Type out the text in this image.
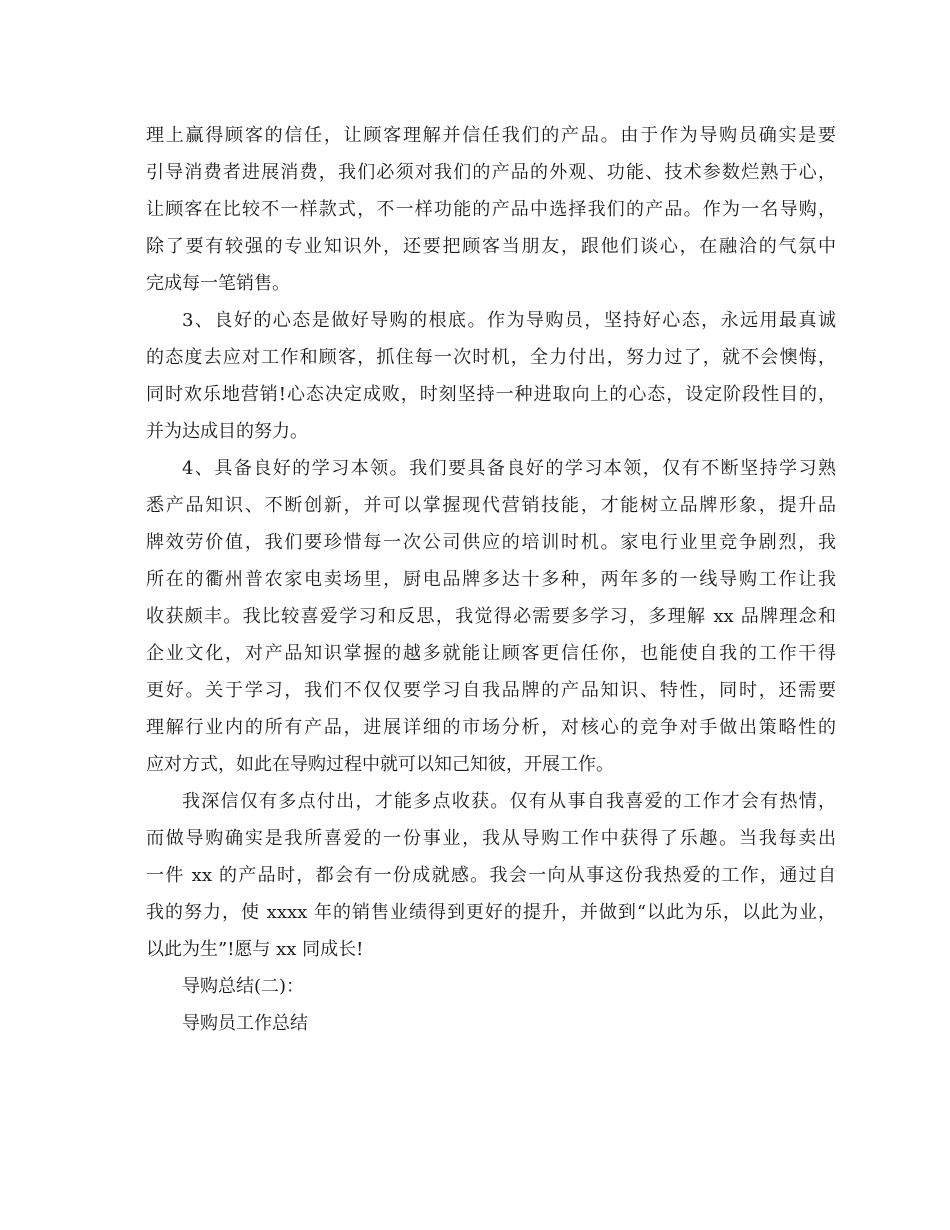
理上赢得顾客的信任，让顾客理解并信任我们的产品。由于作为导购员确实是要
引导消费者进展消费，我们必须对我们的产品的外观、功能、技术参数烂熟于心，
让顾客在比较不一样款式，不一样功能的产品中选择我们的产品。作为一名导购，
除了要有较强的专业知识外，还要把顾客当朋友，跟他们谈心，在融洽的气氛中
完成每一笔销售。
3、良好的心态是做好导购的根底。作为导购员，坚持好心态，永远用最真诚
的态度去应对工作和顾客，抓住每一次时机，全力付出，努力过了，就不会懊悔，
同时欢乐地营销!心态决定成败，时刻坚持一种进取向上的心态，设定阶段性目的，
并为达成目的努力。
4、具备良好的学习本领。我们要具备良好的学习本领，仅有不断坚持学习熟
悉产品知识、不断创新，并可以掌握现代营销技能，才能树立品牌形象，提升品
牌效劳价值，我们要珍惜每一次公司供应的培训时机。家电行业里竞争剧烈，我
所在的衢州普农家电卖场里，厨电品牌多达十多种，两年多的一线导购工作让我
收获颇丰。我比较喜爱学习和反思，我觉得必需要多学习，多理解 xx 品牌理念和
企业文化，对产品知识掌握的越多就能让顾客更信任你，也能使自我的工作干得
更好。关于学习，我们不仅仅要学习自我品牌的产品知识、特性，同时，还需要
理解行业内的所有产品，进展详细的市场分析，对核心的竞争对手做出策略性的
应对方式，如此在导购过程中就可以知己知彼，开展工作。
我深信仅有多点付出，才能多点收获。仅有从事自我喜爱的工作才会有热情，
而做导购确实是我所喜爱的一份事业，我从导购工作中获得了乐趣。当我每卖出
一件 xx 的产品时，都会有一份成就感。我会一向从事这份我热爱的工作，通过自
我的努力，使 xxxx 年的销售业绩得到更好的提升，并做到“以此为乐，以此为业，
以此为生”!愿与 xx 同成长!
导购总结(二)：
导购员工作总结
